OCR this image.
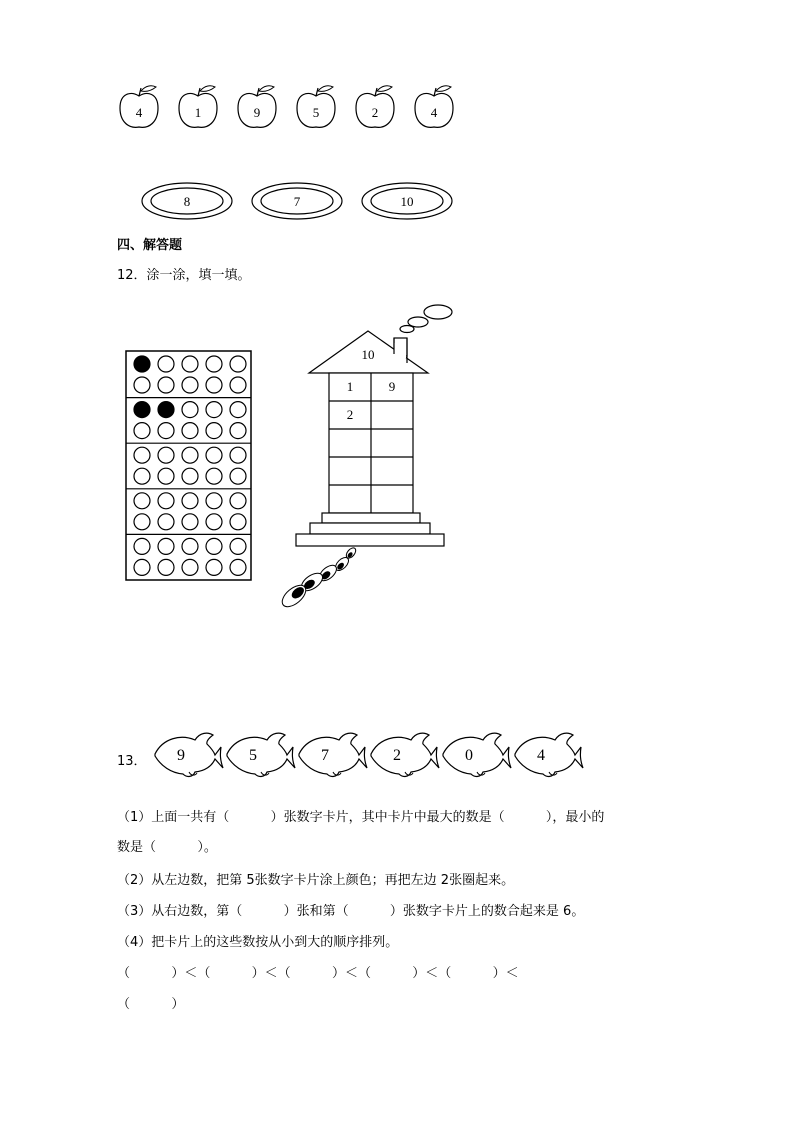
4	1	9	5	2	4
8	7	10
四、解答题
12．涂一涂，填一填。
10
1	9
2
13． 9	5	7	2	0	4
（1）上面一共有（          ）张数字卡片，其中卡片中最大的数是（          ），最小的
数是（          ）。
（2）从左边数，把第 5张数字卡片涂上颜色；再把左边 2张圈起来。
（3）从右边数，第（          ）张和第（          ）张数字卡片上的数合起来是 6。
（4）把卡片上的这些数按从小到大的顺序排列。
（          ）＜（          ）＜（          ）＜（          ）＜（          ）＜
（          ）
